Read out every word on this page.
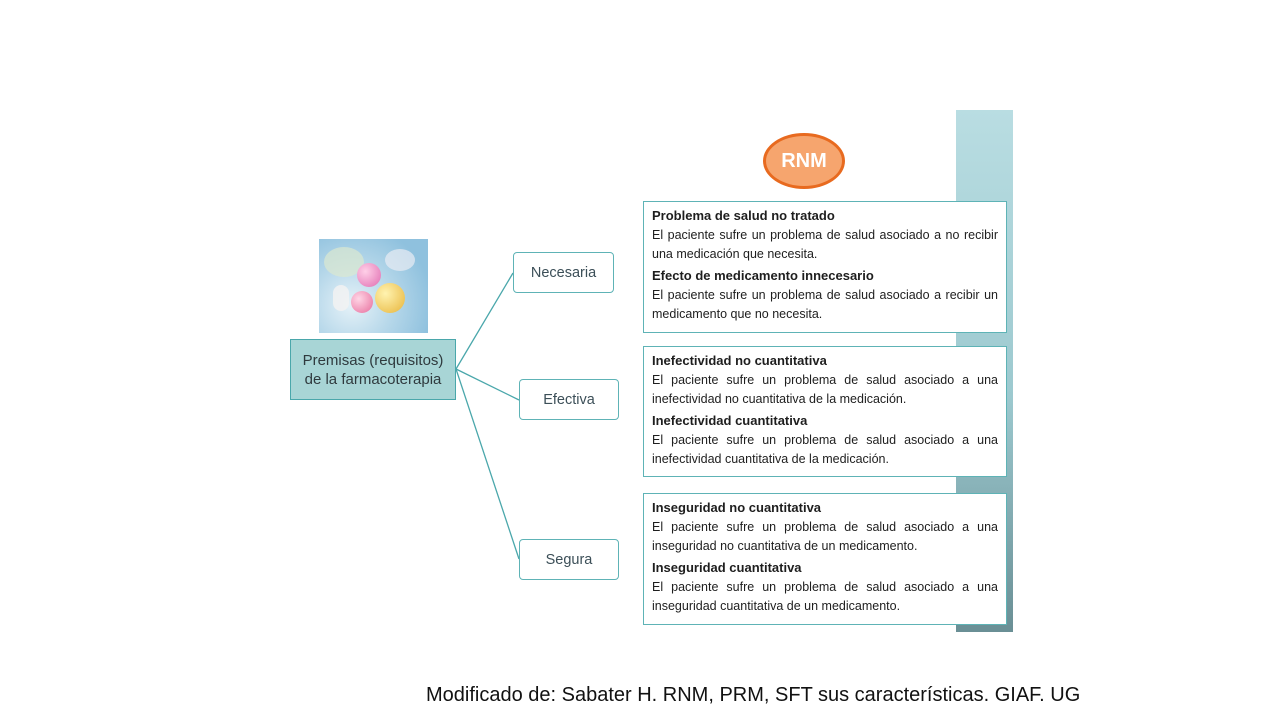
Premisas (requisitos) de la farmacoterapia
Necesaria
Efectiva
Segura
RNM

Problema de salud no tratado

El paciente sufre un problema de salud asociado a no recibir una medicación que necesita.

Efecto de medicamento innecesario

El paciente sufre un problema de salud asociado a recibir un medicamento que no necesita.

Inefectividad no cuantitativa

El paciente sufre un problema de salud asociado a una inefectividad no cuantitativa de la medicación.

Inefectividad cuantitativa

El paciente sufre un problema de salud asociado a una inefectividad cuantitativa de la medicación.

Inseguridad no cuantitativa

El paciente sufre un problema de salud asociado a una inseguridad no cuantitativa de un medicamento.

Inseguridad cuantitativa

El paciente sufre un problema de salud asociado a una inseguridad cuantitativa de un medicamento.

Modificado de: Sabater H. RNM, PRM, SFT sus características. GIAF. UG
